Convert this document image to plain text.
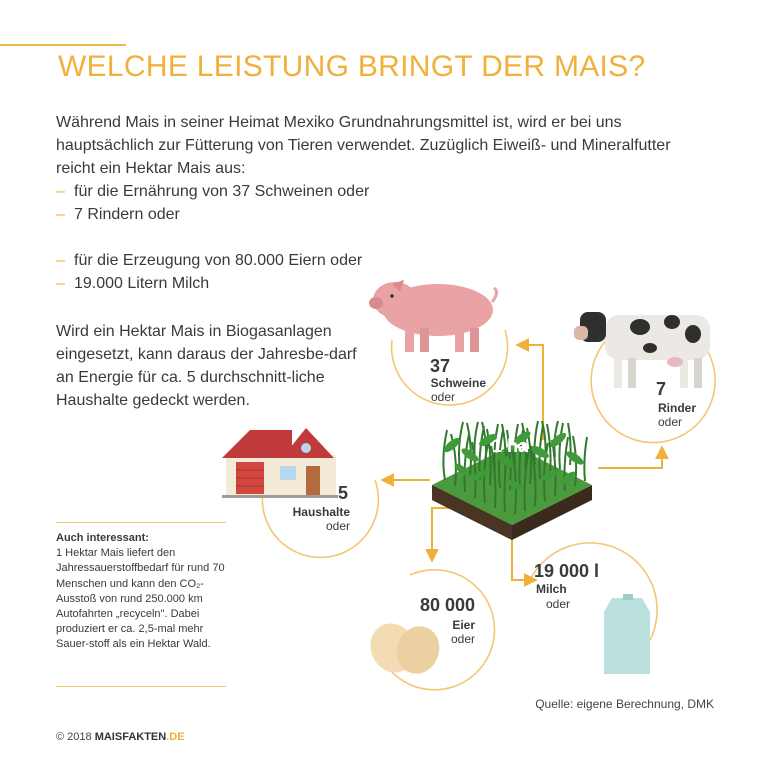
WELCHE LEISTUNG BRINGT DER MAIS?

Während Mais in seiner Heimat Mexiko Grundnahrungsmittel ist, wird er bei uns hauptsächlich zur Fütterung von Tieren verwendet. Zuzüglich Eiweiß- und Mineralfutter reicht ein Hektar Mais aus:

– für die Ernährung von 37 Schweinen oder
– 7 Rindern oder
– für die Erzeugung von 80.000 Eiern oder
– 19.000 Litern Milch
Wird ein Hektar Mais in Biogasanlagen eingesetzt, kann daraus der Jahresbe-darf an Energie für ca. 5 durchschnitt-liche Haushalte gedeckt werden.
Auch interessant:
1 Hektar Mais liefert den Jahressauerstoffbedarf für rund 70 Menschen und kann den CO₂-Ausstoß von rund 250.000 km Autofahrten „recyceln". Dabei produziert er ca. 2,5-mal mehr Sauer-stoff als ein Hektar Wald.
1 ha
37
Schweine
oder	7
Rinder
oder
5
Haushalte
oder
80 000
Eier
oder
19 000 l
Milch
oder
Quelle: eigene Berechnung, DMK
© 2018 MAISFAKTEN.DE
